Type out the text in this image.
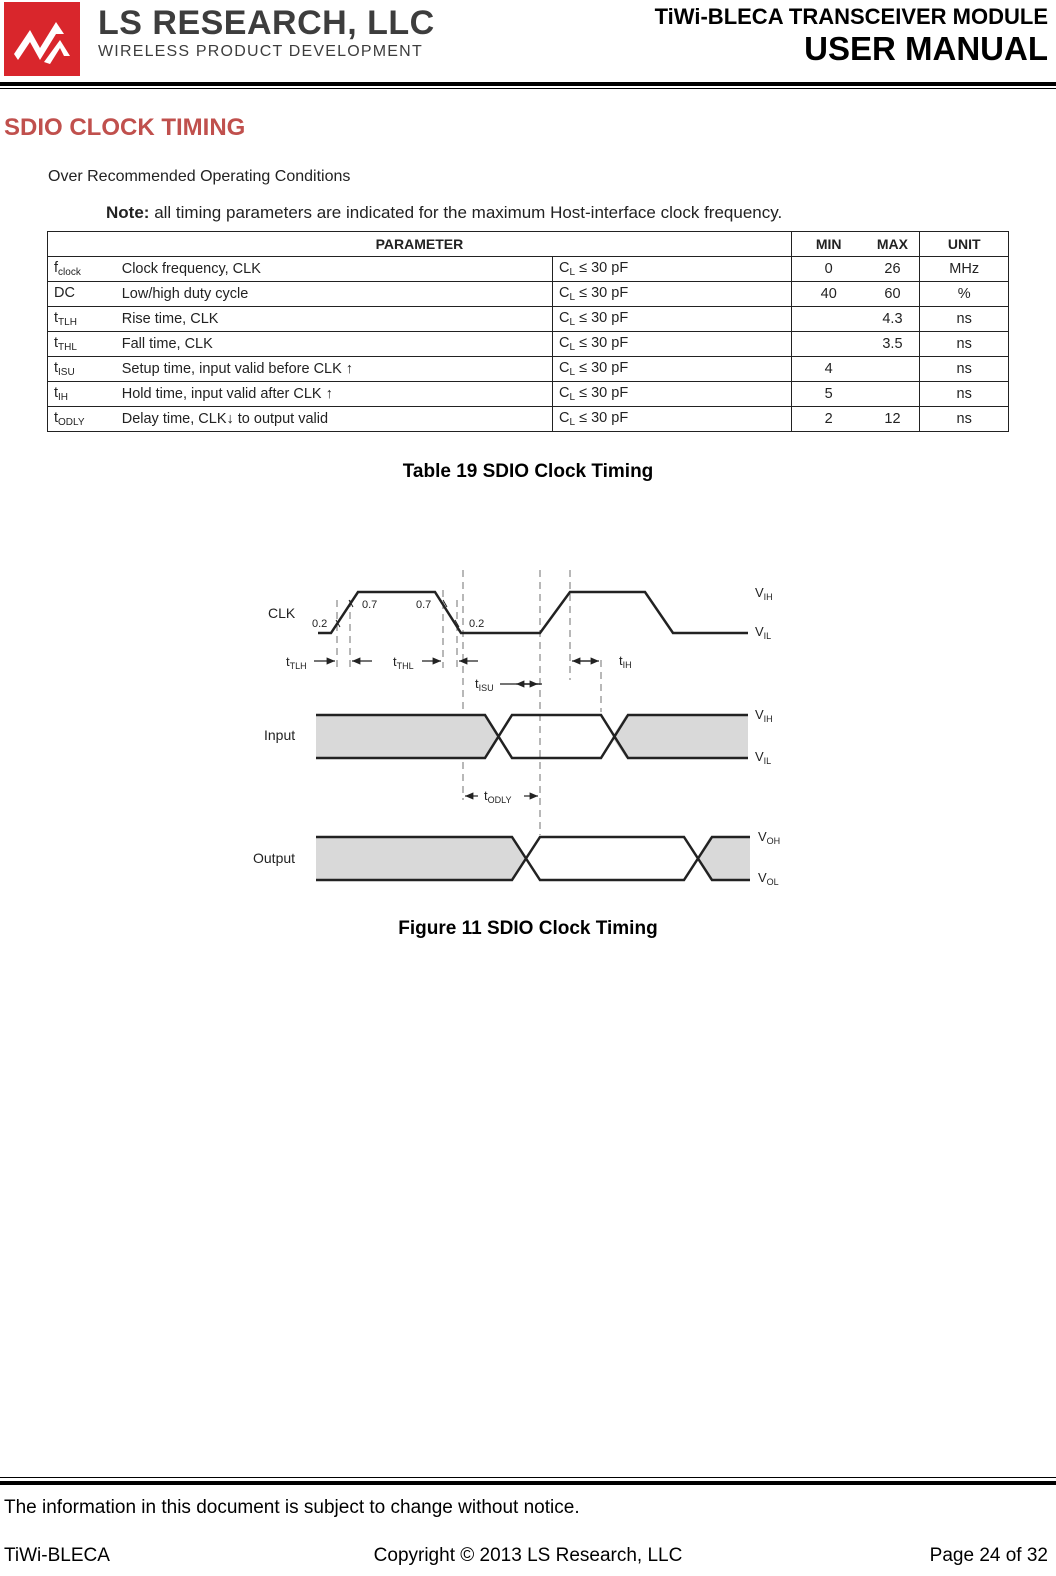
LS RESEARCH, LLC
WIRELESS PRODUCT DEVELOPMENT
TiWi-BLECA TRANSCEIVER MODULE
USER MANUAL
SDIO CLOCK TIMING
Over Recommended Operating Conditions
Note: all timing parameters are indicated for the maximum Host-interface clock frequency.
PARAMETER			MIN	MAX	UNIT
$f_{clock}$	Clock frequency, CLK	$C_L \le 30$ pF	0	26	MHz
DC	Low/high duty cycle	$C_L \le 30$ pF	40	60	%
$t_{TLH}$	Rise time, CLK	$C_L \le 30$ pF		4.3	ns
$t_{THL}$	Fall time, CLK	$C_L \le 30$ pF		3.5	ns
$t_{ISU}$	Setup time, input valid before CLK ↑	$C_L \le 30$ pF	4		ns
$t_{IH}$	Hold time, input valid after CLK ↑	$C_L \le 30$ pF	5		ns
$t_{ODLY}$	Delay time, CLK↓ to output valid	$C_L \le 30$ pF	2	12	ns
Table 19 SDIO Clock Timing
0.2
0.7	0.7
0.2
CLK
Input
Output
$t_{TLH}$	$t_{THL}$
$t_{ISU}$
$t_{IH}$
$t_{ODLY}$
$V_{IH}$
$V_{IL}$
$V_{IH}$
$V_{IL}$
$V_{OH}$
$V_{OL}$
Figure 11 SDIO Clock Timing
The information in this document is subject to change without notice.
TiWi-BLECA	Copyright © 2013 LS Research, LLC	Page 24 of 32
